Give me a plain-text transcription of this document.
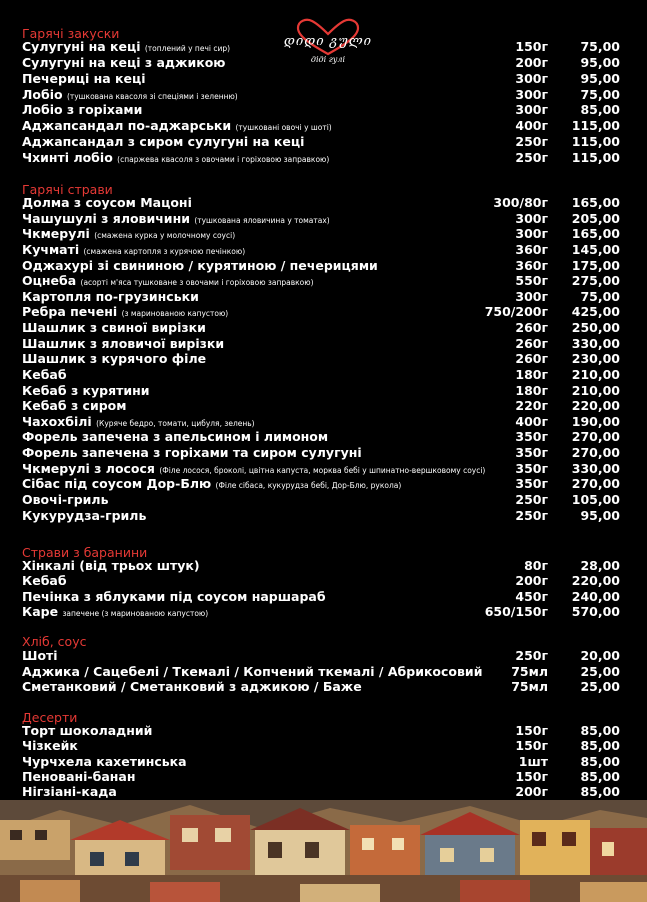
დიდი გული
діді гулі
Гарячі закуски
Сулугуні на кеці (топлений у печі сир)	150г	75,00
Сулугуні на кеці з аджикою	200г	95,00
Печериці на кеці	300г	95,00
Лобіо (тушкована квасоля зі спеціями і зеленню)	300г	75,00
Лобіо з горіхами	300г	85,00
Аджапсандал по-аджарськи (тушковані овочі у шоті)	400г 115,00
Аджапсандал з сиром сулугуні на кеці	250г 115,00
Чхинті лобіо (спаржева квасоля з овочами і горіховою заправкою)	250г 115,00
Гарячі страви
Долма з соусом Мацоні	300/80г 165,00
Чашушулі з яловичини (тушкована яловичина у томатах)	300г 205,00
Чкмерулі (смажена курка у молочному соусі)	300г 165,00
Кучматі (смажена картопля з курячою печінкою)	360г 145,00
Оджахурі зі свининою / курятиною / печерицями	360г 175,00
Оцнеба (асорті м'яса тушковане з овочами і горіховою заправкою)	550г 275,00
Картопля по-грузинськи	300г	75,00
Ребра печені (з маринованою капустою)	750/200г 425,00
Шашлик з свиної вирізки	260г 250,00
Шашлик з яловичої вирізки	260г 330,00
Шашлик з курячого філе	260г 230,00
Кебаб	180г 210,00
Кебаб з курятини	180г 210,00
Кебаб з сиром	220г 220,00
Чахохбілі (Куряче бедро, томати, цибуля, зелень)	400г 190,00
Форель запечена з апельсином і лимоном	350г 270,00
Форель запечена з горіхами та сиром сулугуні	350г 270,00
Чкмерулі з лосося (Філе лосося, броколі, цвітна капуста, морква бебі у шпинатно-вершковому соусі) 350г 330,00
Сібас під соусом Дор-Блю (Філе сібаса, кукурудза бебі, Дор-Блю, рукола)	350г 270,00
Овочі-гриль	250г 105,00
Кукурудза-гриль	250г	95,00
Страви з баранини
Хінкалі (від трьох штук)	80г	28,00
Кебаб	200г 220,00
Печінка з яблуками під соусом наршараб	450г 240,00
Каре запечене (з маринованою капустою)	650/150г 570,00
Хліб, соус
Шоті	250г	20,00
Аджика / Сацебелі / Ткемалі / Копчений ткемалі / Абрикосовий 75мл	25,00
Сметанковий / Сметанковий з аджикою / Баже	75мл	25,00
Десерти
Торт шоколадний	150г	85,00
Чізкейк	150г	85,00
Чурчхела кахетинська	1шт	85,00
Пеновані-банан	150г	85,00
Нігзіані-када	200г	85,00
